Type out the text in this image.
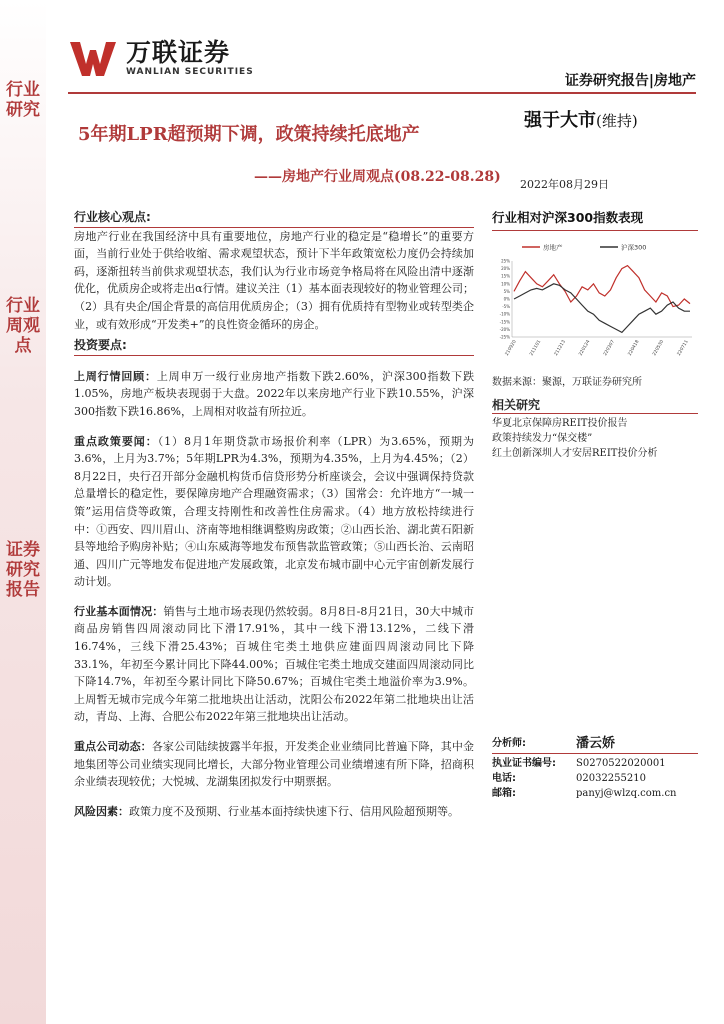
行业研究
行业周观点
证券研究报告
万联证券
WANLIAN SECURITIES
证券研究报告|房地产
5年期LPR超预期下调，政策持续托底地产
——房地产行业周观点(08.22-08.28)
强于大市(维持)
2022年08月29日
行业核心观点:

房地产行业在我国经济中具有重要地位，房地产行业的稳定是“稳增长”的重要方面，当前行业处于供给收缩、需求观望状态，预计下半年政策宽松力度仍会持续加码，逐渐扭转当前供求观望状态，我们认为行业市场竞争格局将在风险出清中逐渐优化，优质房企或将走出α行情。建议关注（1）基本面表现较好的物业管理公司；（2）具有央企/国企背景的高信用优质房企；（3）拥有优质持有型物业或转型类企业，或有效形成“开发类+”的良性资金循环的房企。

投资要点:

上周行情回顾：上周申万一级行业房地产指数下跌2.60%，沪深300指数下跌1.05%，房地产板块表现弱于大盘。2022年以来房地产行业下跌10.55%，沪深300指数下跌16.86%，上周相对收益有所拉近。

重点政策要闻：（1）8月1年期贷款市场报价利率（LPR）为3.65%，预期为3.6%，上月为3.7%；5年期LPR为4.3%，预期为4.35%，上月为4.45%；（2）8月22日，央行召开部分金融机构货币信贷形势分析座谈会，会议中强调保持贷款总量增长的稳定性，要保障房地产合理融资需求；（3）国常会：允许地方“一城一策”运用信贷等政策，合理支持刚性和改善性住房需求。（4）地方放松持续进行中：①西安、四川眉山、济南等地相继调整购房政策；②山西长治、湖北黄石阳新县等地给予购房补贴；④山东威海等地发布预售款监管政策；⑤山西长治、云南昭通、四川广元等地发布促进地产发展政策，北京发布城市副中心元宇宙创新发展行动计划。

行业基本面情况：销售与土地市场表现仍然较弱。8月8日-8月21日，30大中城市商品房销售四周滚动同比下滑17.91%，其中一线下滑13.12%，二线下滑16.74%，三线下滑25.43%；百城住宅类土地供应建面四周滚动同比下降33.1%，年初至今累计同比下降44.00%；百城住宅类土地成交建面四周滚动同比下降14.7%，年初至今累计同比下降50.67%；百城住宅类土地溢价率为3.9%。上周暂无城市完成今年第二批地块出让活动，沈阳公布2022年第二批地块出让活动，青岛、上海、合肥公布2022年第三批地块出让活动。

重点公司动态：各家公司陆续披露半年报，开发类企业业绩同比普遍下降，其中金地集团等公司业绩实现同比增长，大部分物业管理公司业绩增速有所下降，招商积余业绩表现较优；大悦城、龙湖集团拟发行中期票据。

风险因素：政策力度不及预期、行业基本面持续快速下行、信用风险超预期等。

行业相对沪深300指数表现
25%
20%
15%
10%
5%
0%
-5%
-10%
-15%
-20%
-25%
210920	211101	211213	220124	220307	220418	220530	220711
房地产	沪深300
数据来源：聚源，万联证券研究所
相关研究
华夏北京保障房REIT投价报告
政策持续发力“保交楼”
红土创新深圳人才安居REIT投价分析
分析师:	潘云娇
执业证书编号:	S0270522020001
电话:	02032255210
邮箱:	panyj@wlzq.com.cn
